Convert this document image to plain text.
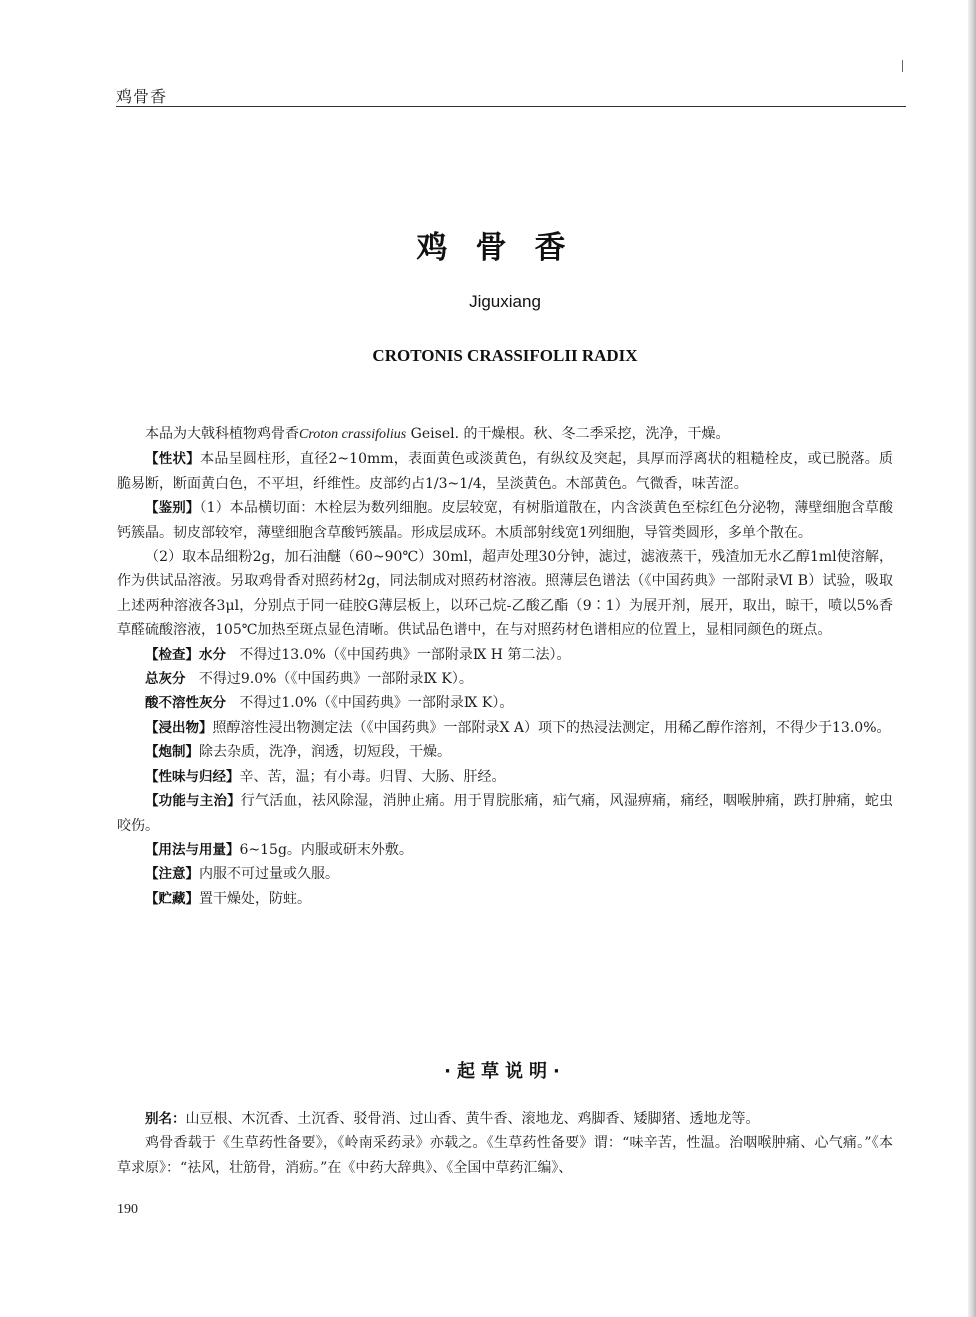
鸡骨香
鸡骨香
Jiguxiang
CROTONIS CRASSIFOLII RADIX

本品为大戟科植物鸡骨香Croton crassifolius Geisel. 的干燥根。秋、冬二季采挖，洗净，干燥。

【性状】本品呈圆柱形，直径2~10mm，表面黄色或淡黄色，有纵纹及突起，具厚而浮离状的粗糙栓皮，或已脱落。质脆易断，断面黄白色，不平坦，纤维性。皮部约占1/3~1/4，呈淡黄色。木部黄色。气微香，味苦涩。

【鉴别】（1）本品横切面：木栓层为数列细胞。皮层较宽，有树脂道散在，内含淡黄色至棕红色分泌物，薄壁细胞含草酸钙簇晶。韧皮部较窄，薄壁细胞含草酸钙簇晶。形成层成环。木质部射线宽1列细胞，导管类圆形，多单个散在。

（2）取本品细粉2g，加石油醚（60~90℃）30ml，超声处理30分钟，滤过，滤液蒸干，残渣加无水乙醇1ml使溶解，作为供试品溶液。另取鸡骨香对照药材2g，同法制成对照药材溶液。照薄层色谱法（《中国药典》一部附录Ⅵ B）试验，吸取上述两种溶液各3μl，分别点于同一硅胶G薄层板上，以环己烷-乙酸乙酯（9∶1）为展开剂，展开，取出，晾干，喷以5%香草醛硫酸溶液，105℃加热至斑点显色清晰。供试品色谱中，在与对照药材色谱相应的位置上，显相同颜色的斑点。

【检查】水分 不得过13.0%（《中国药典》一部附录Ⅸ H 第二法）。

总灰分 不得过9.0%（《中国药典》一部附录Ⅸ K）。

酸不溶性灰分 不得过1.0%（《中国药典》一部附录Ⅸ K）。

【浸出物】照醇溶性浸出物测定法（《中国药典》一部附录Ⅹ A）项下的热浸法测定，用稀乙醇作溶剂，不得少于13.0%。

【炮制】除去杂质，洗净，润透，切短段，干燥。

【性味与归经】辛、苦，温；有小毒。归胃、大肠、肝经。

【功能与主治】行气活血，祛风除湿，消肿止痛。用于胃脘胀痛，疝气痛，风湿痹痛，痛经，咽喉肿痛，跌打肿痛，蛇虫咬伤。

【用法与用量】6~15g。内服或研末外敷。

【注意】内服不可过量或久服。

【贮藏】置干燥处，防蛀。

·起草说明·

别名：山豆根、木沉香、土沉香、驳骨消、过山香、黄牛香、滚地龙、鸡脚香、矮脚猪、透地龙等。

鸡骨香载于《生草药性备要》，《岭南采药录》亦载之。《生草药性备要》谓：“味辛苦，性温。治咽喉肿痛、心气痛。”《本草求原》：“祛风，壮筋骨，消疬。”在《中药大辞典》、《全国中草药汇编》、

190
